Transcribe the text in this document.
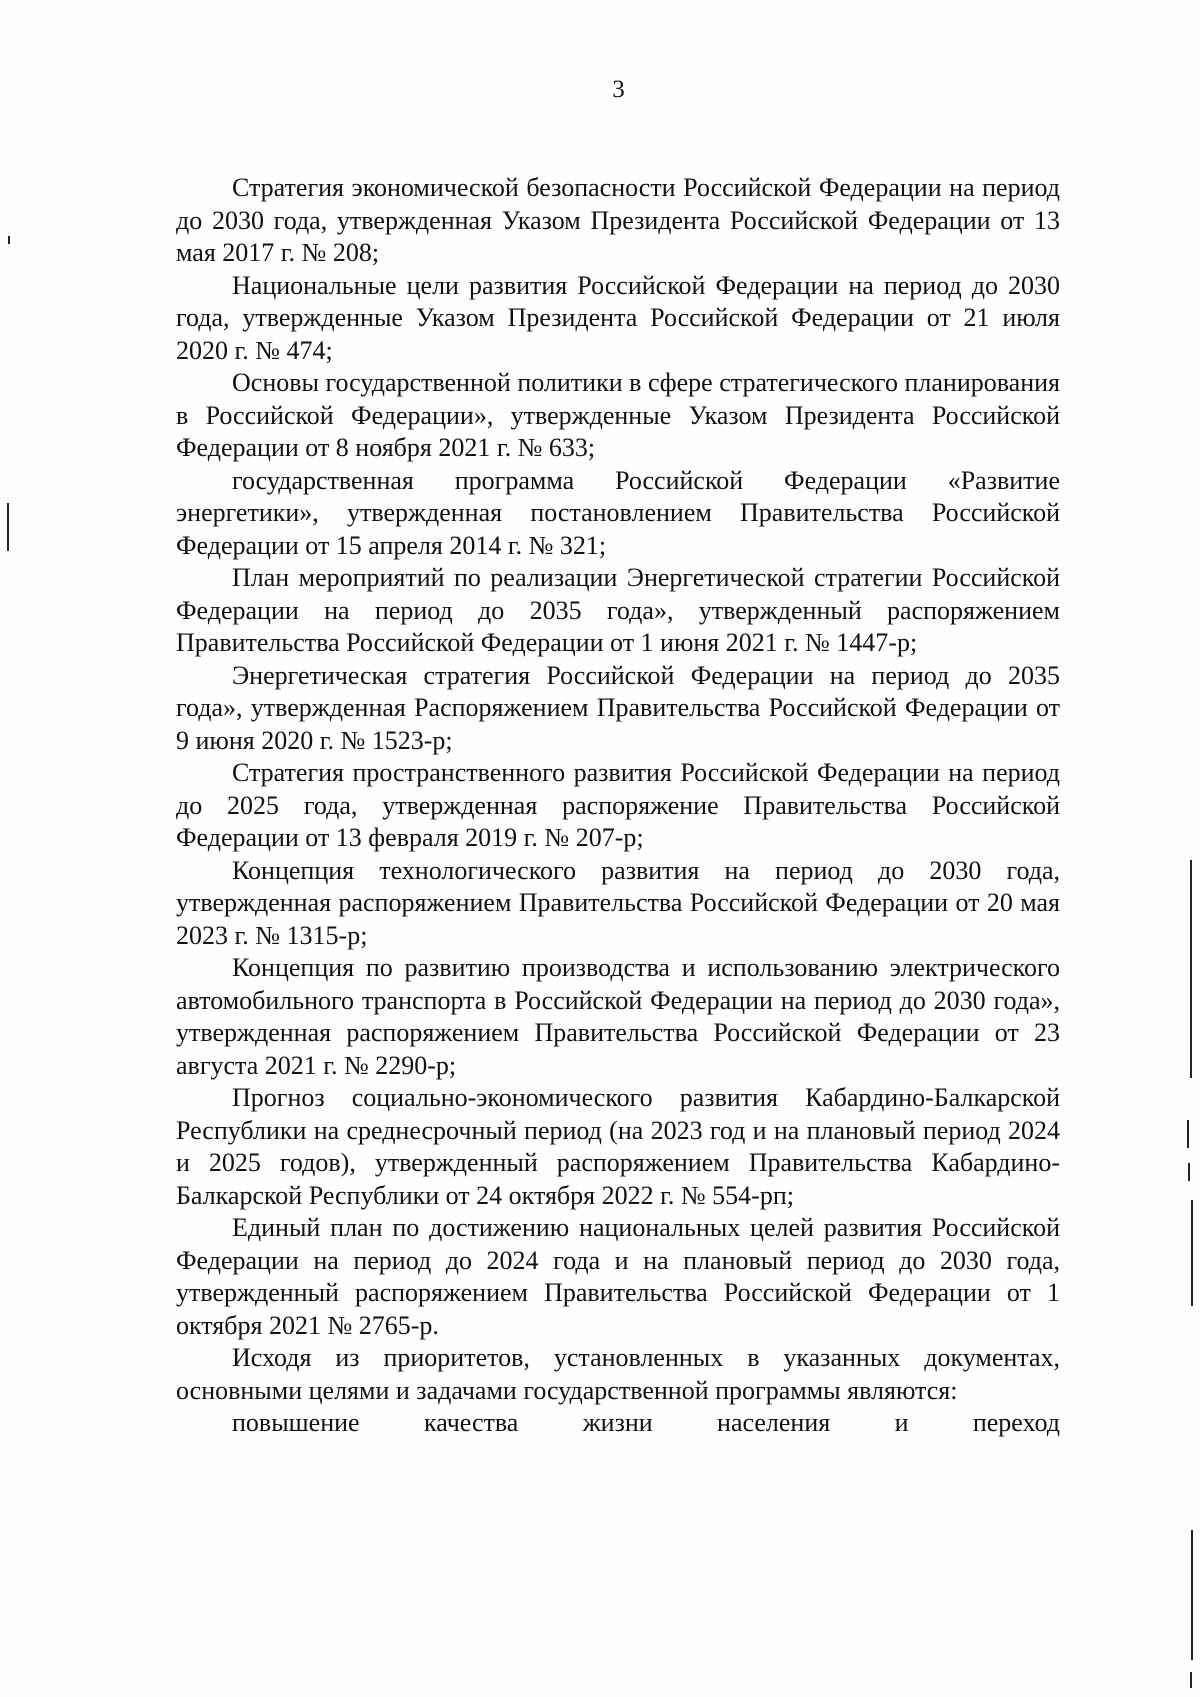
3

Стратегия экономической безопасности Российской Федерации на период до 2030 года, утвержденная Указом Президента Российской Федерации от 13 мая 2017 г. № 208;

Национальные цели развития Российской Федерации на период до 2030 года, утвержденные Указом Президента Российской Федерации от 21 июля 2020 г. № 474;

Основы государственной политики в сфере стратегического планирования в Российской Федерации», утвержденные Указом Президента Российской Федерации от 8 ноября 2021 г. № 633;

государственная программа Российской Федерации «Развитие энергетики», утвержденная постановлением Правительства Российской Федерации от 15 апреля 2014 г. № 321;

План мероприятий по реализации Энергетической стратегии Российской Федерации на период до 2035 года», утвержденный распоряжением Правительства Российской Федерации от 1 июня 2021 г. № 1447-р;

Энергетическая стратегия Российской Федерации на период до 2035 года», утвержденная Распоряжением Правительства Российской Федерации от 9 июня 2020 г. № 1523-р;

Стратегия пространственного развития Российской Федерации на период до 2025 года, утвержденная распоряжение Правительства Российской Федерации от 13 февраля 2019 г. № 207-р;

Концепция технологического развития на период до 2030 года, утвержденная распоряжением Правительства Российской Федерации от 20 мая 2023 г. № 1315-р;

Концепция по развитию производства и использованию электрического автомобильного транспорта в Российской Федерации на период до 2030 года», утвержденная распоряжением Правительства Российской Федерации от 23 августа 2021 г. № 2290-р;

Прогноз социально-экономического развития Кабардино-Балкарской Республики на среднесрочный период (на 2023 год и на плановый период 2024 и 2025 годов), утвержденный распоряжением Правительства Кабардино-Балкарской Республики от 24 октября 2022 г. № 554-рп;

Единый план по достижению национальных целей развития Российской Федерации на период до 2024 года и на плановый период до 2030 года, утвержденный распоряжением Правительства Российской Федерации от 1 октября 2021 № 2765-р.

Исходя из приоритетов, установленных в указанных документах, основными целями и задачами государственной программы являются:

повышение качества жизни населения и переход
